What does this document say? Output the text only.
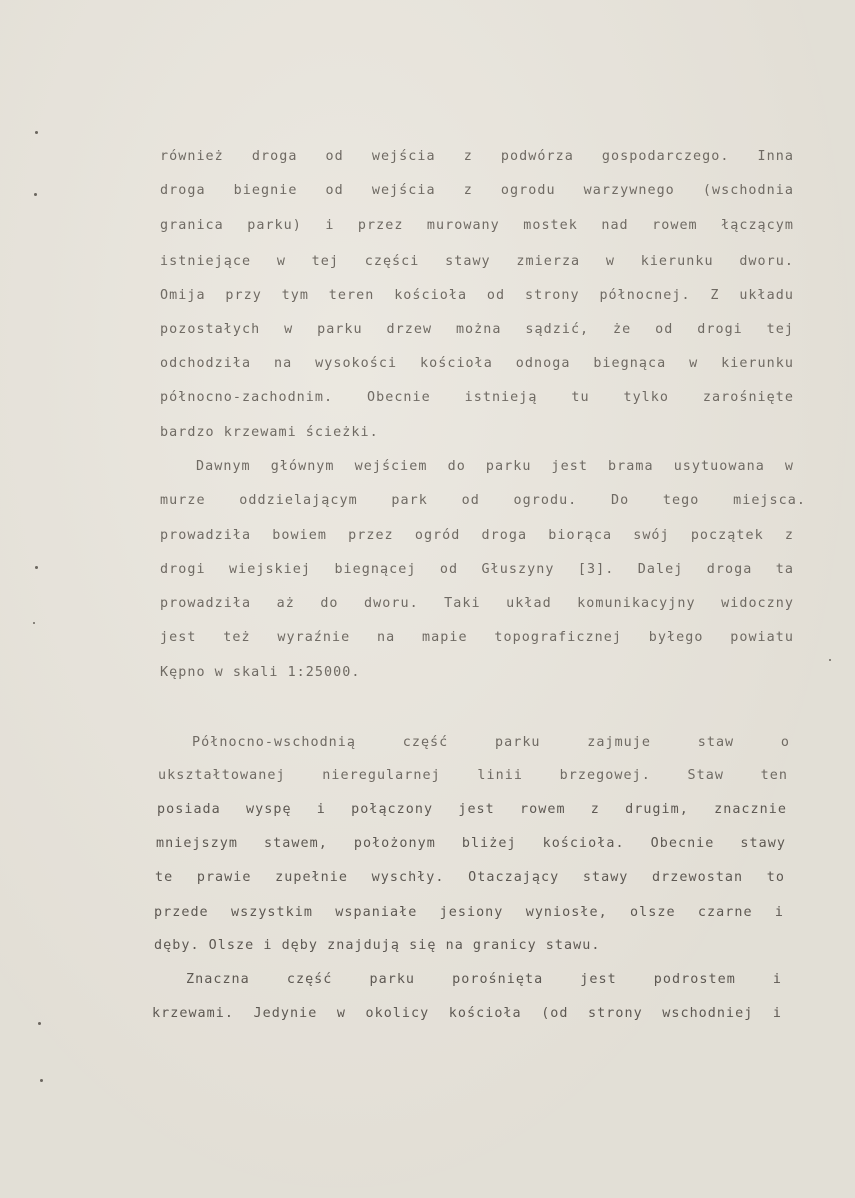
również droga od wejścia z podwórza gospodarczego. Inna
droga biegnie od wejścia z ogrodu warzywnego (wschodnia
granica parku) i przez murowany mostek nad rowem łączącym
istniejące w tej części stawy zmierza w kierunku dworu.
Omija przy tym teren kościoła od strony północnej. Z układu
pozostałych w parku drzew można sądzić, że od drogi tej
odchodziła na wysokości kościoła odnoga biegnąca w kierunku
północno-zachodnim. Obecnie istnieją tu tylko zarośnięte
bardzo krzewami ścieżki.
Dawnym głównym wejściem do parku jest brama usytuowana w
murze oddzielającym park od ogrodu. Do tego miejsca.
prowadziła bowiem przez ogród droga biorąca swój początek z
drogi wiejskiej biegnącej od Głuszyny [3]. Dalej droga ta
prowadziła aż do dworu. Taki układ komunikacyjny widoczny
jest też wyraźnie na mapie topograficznej byłego powiatu
Kępno w skali 1:25000.
Północno-wschodnią część parku zajmuje staw o
ukształtowanej nieregularnej linii brzegowej. Staw ten
posiada wyspę i połączony jest rowem z drugim, znacznie
mniejszym stawem, położonym bliżej kościoła. Obecnie stawy
te prawie zupełnie wyschły. Otaczający stawy drzewostan to
przede wszystkim wspaniałe jesiony wyniosłe, olsze czarne i
dęby. Olsze i dęby znajdują się na granicy stawu.
Znaczna część parku porośnięta jest podrostem i
krzewami. Jedynie w okolicy kościoła (od strony wschodniej i
